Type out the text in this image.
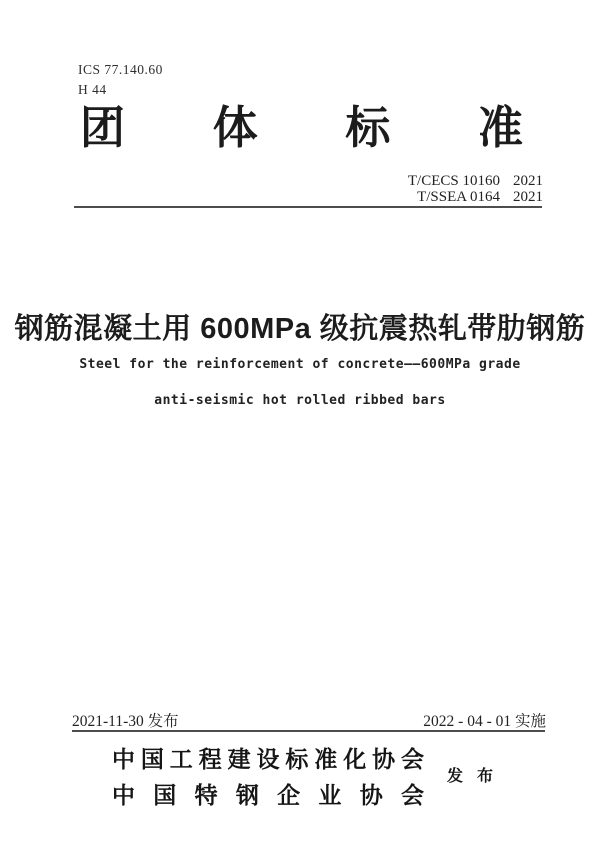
ICS 77.140.60
H 44
团体标准
T/CECS 10160 2021
T/SSEA 0164 2021
钢筋混凝土用 600MPa 级抗震热轧带肋钢筋
Steel for the reinforcement of concrete——600MPa grade
anti-seismic hot rolled ribbed bars
2021-11-30 发布	2022 - 04 - 01 实施
中国工程建设标准化协会
中国特钢企业协会
发 布
